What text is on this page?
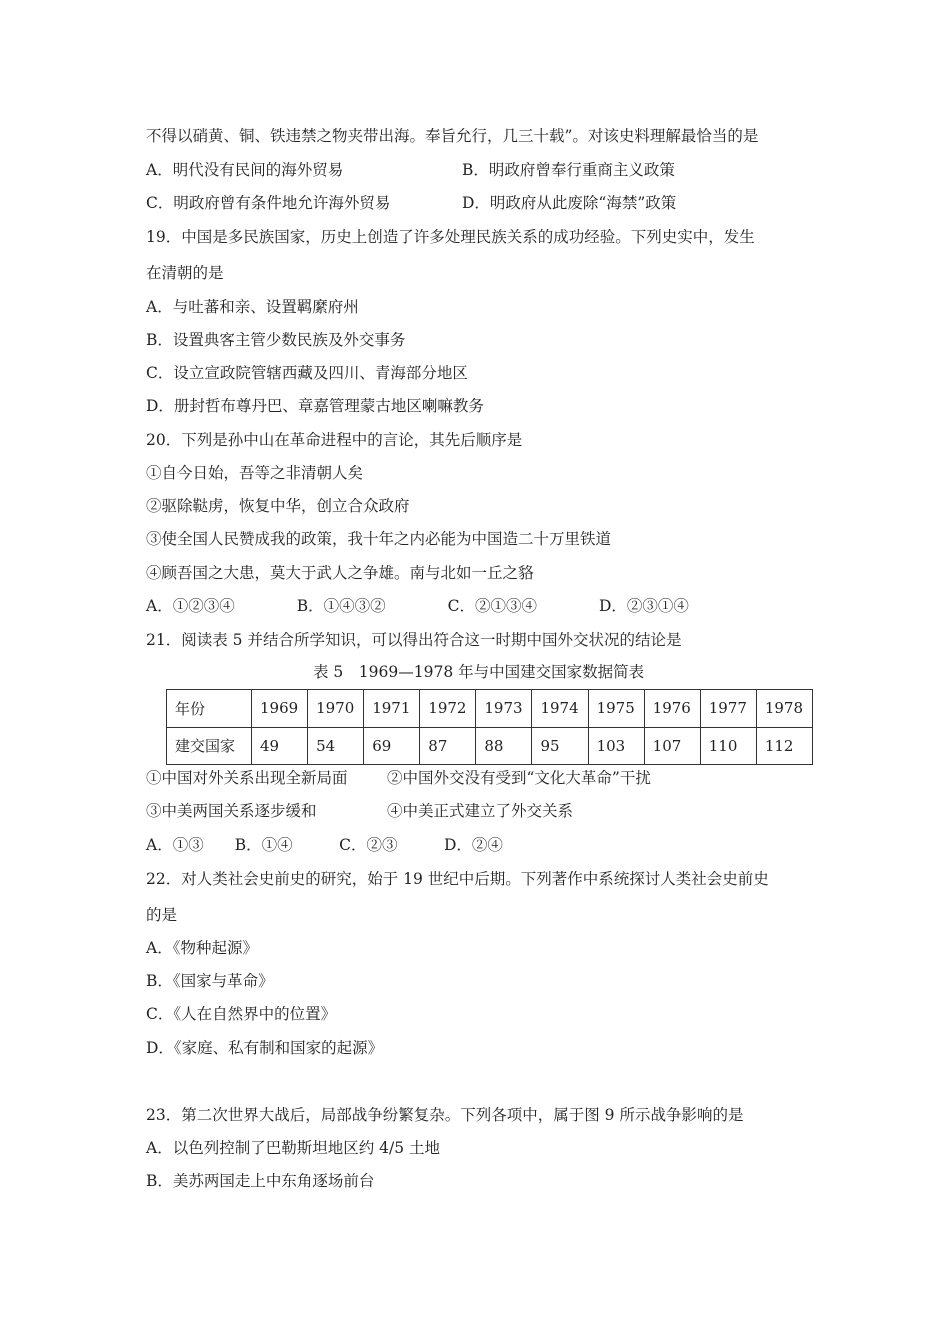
不得以硝黄、铜、铁违禁之物夹带出海。奉旨允行，几三十载”。对该史料理解最恰当的是
A．明代没有民间的海外贸易	B．明政府曾奉行重商主义政策
C．明政府曾有条件地允许海外贸易	D．明政府从此废除“海禁”政策
19．中国是多民族国家，历史上创造了许多处理民族关系的成功经验。下列史实中，发生
在清朝的是
A．与吐蕃和亲、设置羁縻府州
B．设置典客主管少数民族及外交事务
C．设立宣政院管辖西藏及四川、青海部分地区
D．册封哲布尊丹巴、章嘉管理蒙古地区喇嘛教务
20．下列是孙中山在革命进程中的言论，其先后顺序是
①自今日始，吾等之非清朝人矣
②驱除鞑虏，恢复中华，创立合众政府
③使全国人民赞成我的政策，我十年之内必能为中国造二十万里铁道
④顾吾国之大患，莫大于武人之争雄。南与北如一丘之貉
A．①②③④　　　　B．①④③②　　　　C．②①③④　　　　D．②③①④
21．阅读表 5 并结合所学知识，可以得出符合这一时期中国外交状况的结论是
表 5　1969—1978 年与中国建交国家数据简表
年份	1969	1970	1971	1972	1973	1974	1975	1976	1977	1978
建交国家	49	54	69	87	88	95	103	107	110	112
①中国对外关系出现全新局面	②中国外交没有受到“文化大革命”干扰
③中美两国关系逐步缓和	④中美正式建立了外交关系
A．①③　　B．①④　　　C．②③　　　D．②④
22．对人类社会史前史的研究，始于 19 世纪中后期。下列著作中系统探讨人类社会史前史
的是
A．《物种起源》
B．《国家与革命》
C．《人在自然界中的位置》
D．《家庭、私有制和国家的起源》
23．第二次世界大战后，局部战争纷繁复杂。下列各项中，属于图 9 所示战争影响的是
A．以色列控制了巴勒斯坦地区约 4/5 土地
B．美苏两国走上中东角逐场前台
